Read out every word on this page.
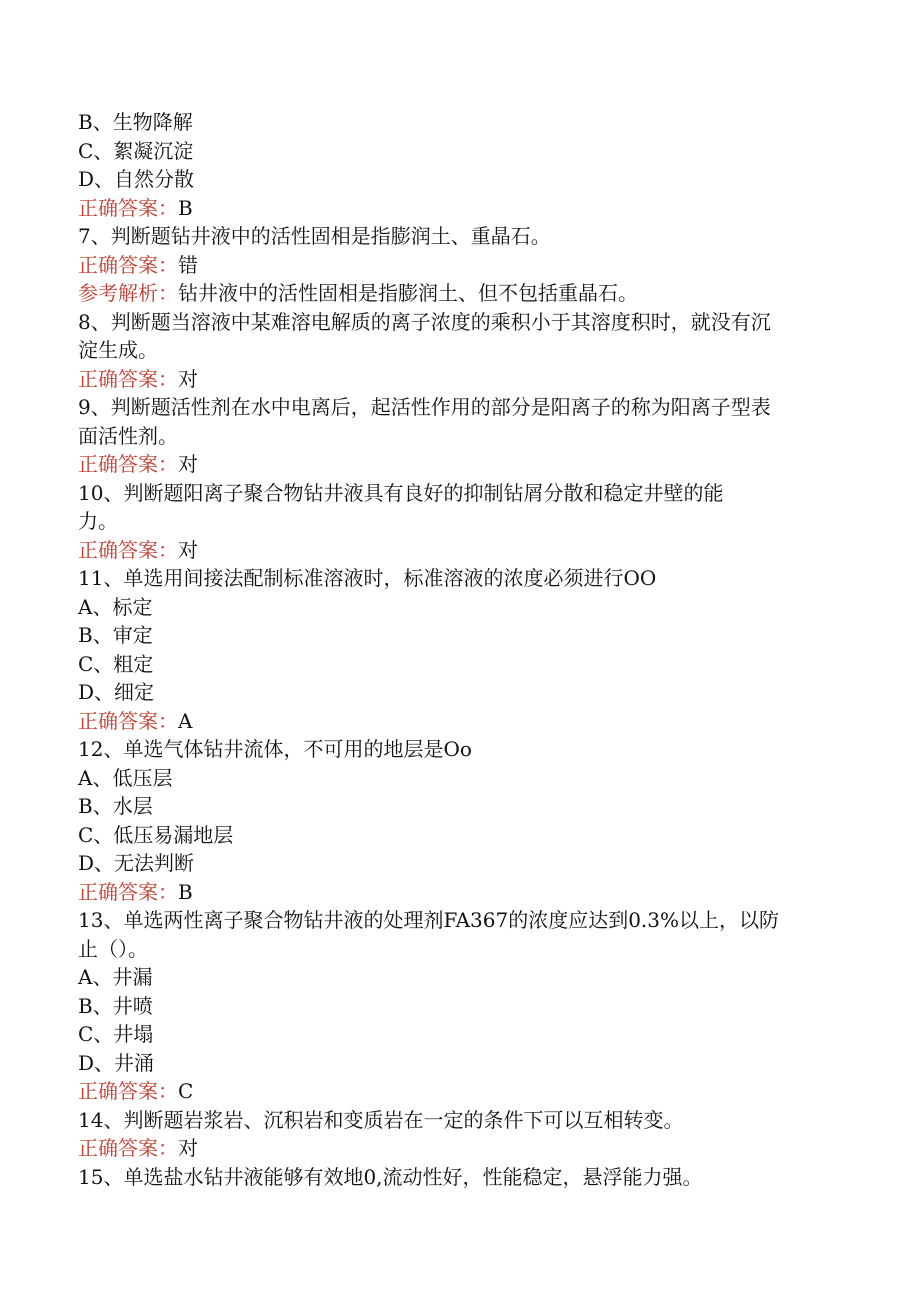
B、生物降解
C、絮凝沉淀
D、自然分散
正确答案：B
7、判断题钻井液中的活性固相是指膨润土、重晶石。
正确答案：错
参考解析：钻井液中的活性固相是指膨润土、但不包括重晶石。
8、判断题当溶液中某难溶电解质的离子浓度的乘积小于其溶度积时，就没有沉
淀生成。
正确答案：对
9、判断题活性剂在水中电离后，起活性作用的部分是阳离子的称为阳离子型表
面活性剂。
正确答案：对
10、判断题阳离子聚合物钻井液具有良好的抑制钻屑分散和稳定井壁的能
力。
正确答案：对
11、单选用间接法配制标准溶液时，标准溶液的浓度必须进行OO
A、标定
B、审定
C、粗定
D、细定
正确答案：A
12、单选气体钻井流体，不可用的地层是Oo
A、低压层
B、水层
C、低压易漏地层
D、无法判断
正确答案：B
13、单选两性离子聚合物钻井液的处理剂FA367的浓度应达到0.3%以上，以防
止（）。
A、井漏
B、井喷
C、井塌
D、井涌
正确答案：C
14、判断题岩浆岩、沉积岩和变质岩在一定的条件下可以互相转变。
正确答案：对
15、单选盐水钻井液能够有效地0,流动性好，性能稳定，悬浮能力强。
